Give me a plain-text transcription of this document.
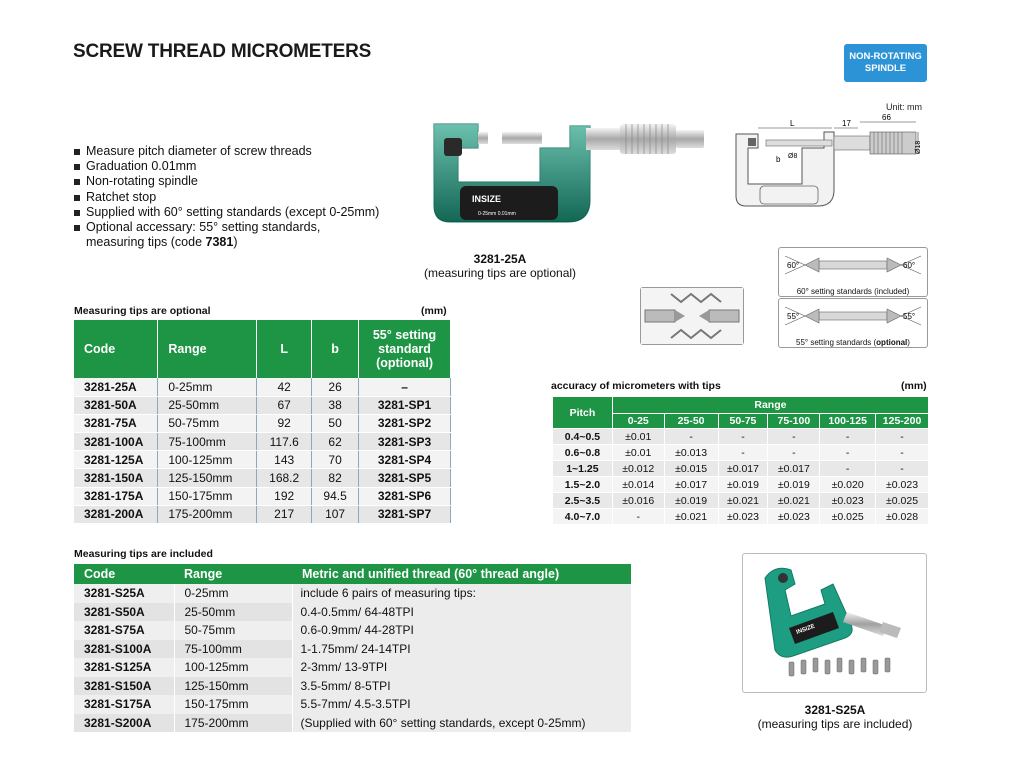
SCREW THREAD MICROMETERS	NON-ROTATING
SPINDLE
Unit: mm
Measure pitch diameter of screw threads
Graduation 0.01mm
Non-rotating spindle
Ratchet stop
Supplied with 60° setting standards (except 0-25mm)
Optional accessary: 55° setting standards,
measuring tips (code 7381)
INSIZE
0-25mm 0.01mm
3281-25A
(measuring tips are optional)
L	17
66
b Ø8
Ø18
60°	60°
60° setting standards (included)
55°	55°
55° setting standards (optional)
Measuring tips are optional	(mm)
Code	Range	L	b	55° setting standard (optional)
3281-25A	0-25mm	42	26	–
3281-50A	25-50mm	67	38	3281-SP1
3281-75A	50-75mm	92	50	3281-SP2
3281-100A	75-100mm	117.6	62	3281-SP3
3281-125A	100-125mm	143	70	3281-SP4
3281-150A	125-150mm	168.2	82	3281-SP5
3281-175A	150-175mm	192	94.5	3281-SP6
3281-200A	175-200mm	217	107	3281-SP7
accuracy of micrometers with tips	(mm)
Pitch	Range					
	0-25	25-50	50-75	75-100	100-125	125-200
0.4~0.5	±0.01	-	-	-	-	-
0.6~0.8	±0.01	±0.013	-	-	-	-
1~1.25	±0.012	±0.015	±0.017	±0.017	-	-
1.5~2.0	±0.014	±0.017	±0.019	±0.019	±0.020	±0.023
2.5~3.5	±0.016	±0.019	±0.021	±0.021	±0.023	±0.025
4.0~7.0	-	±0.021	±0.023	±0.023	±0.025	±0.028
Measuring tips are included
Code	Range	Metric and unified thread (60° thread angle)
3281-S25A	0-25mm	include 6 pairs of measuring tips:
3281-S50A	25-50mm	0.4-0.5mm/ 64-48TPI
3281-S75A	50-75mm	0.6-0.9mm/ 44-28TPI
3281-S100A	75-100mm	1-1.75mm/ 24-14TPI
3281-S125A	100-125mm	2-3mm/ 13-9TPI
3281-S150A	125-150mm	3.5-5mm/ 8-5TPI
3281-S175A	150-175mm	5.5-7mm/ 4.5-3.5TPI
3281-S200A	175-200mm	(Supplied with 60° setting standards, except 0-25mm)
INSIZE
3281-S25A
(measuring tips are included)
